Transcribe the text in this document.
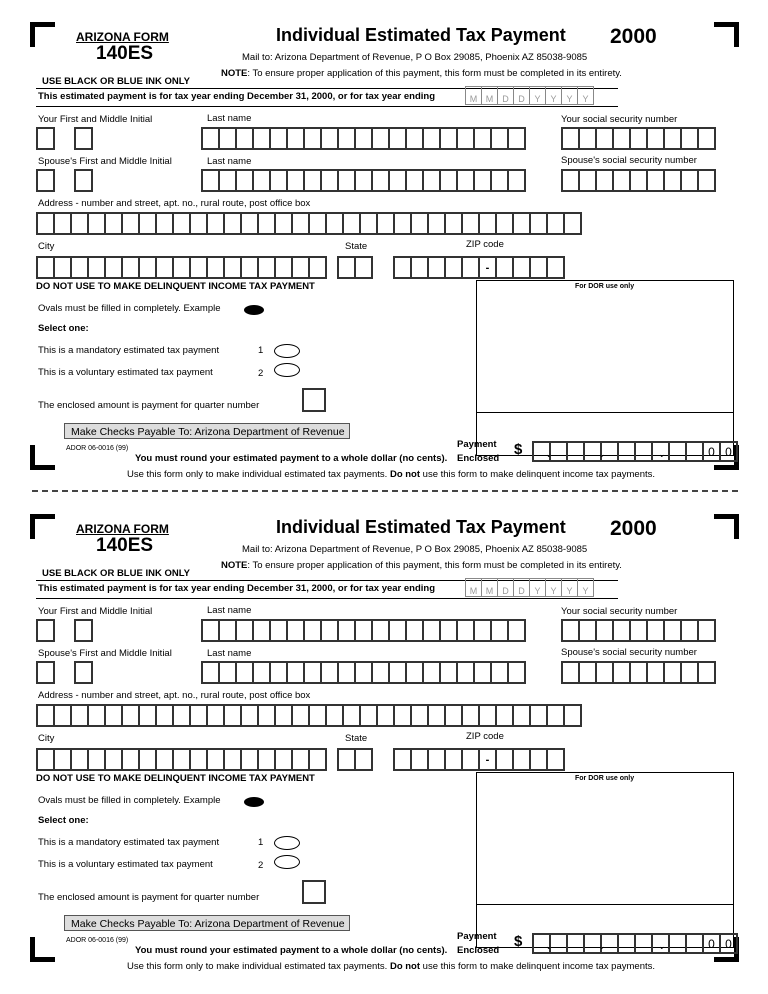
ARIZONA FORM
140ES
Individual Estimated Tax Payment 2000
Mail to: Arizona Department of Revenue, P O Box 29085, Phoenix AZ 85038-9085
NOTE: To ensure proper application of this payment, this form must be completed in its entirety.
USE BLACK OR BLUE INK ONLY
This estimated payment is for tax year ending December 31, 2000, or for tax year ending	M M	D	D	Y	Y	Y	Y
Your First and Middle Initial	Last name	Your social security number
Spouse's First and Middle Initial	Last name	Spouse's social security number
Address - number and street, apt. no., rural route, post office box
City	State	ZIP code
-
DO NOT USE TO MAKE DELINQUENT INCOME TAX PAYMENT	For DOR use only
Ovals must be filled in completely. Example
Select one:
This is a mandatory estimated tax payment	1
This is a voluntary estimated tax payment	2
The enclosed amount is payment for quarter number
Make Checks Payable To: Arizona Department of Revenue
ADOR 06-0016 (99)
You must round your estimated payment to a whole dollar (no cents).
Payment
Enclosed
$	0 0
⌄	⌄	⌄
Use this form only to make individual estimated tax payments. Do not use this form to make delinquent income tax payments.
ARIZONA FORM
140ES
Individual Estimated Tax Payment 2000
Mail to: Arizona Department of Revenue, P O Box 29085, Phoenix AZ 85038-9085
NOTE: To ensure proper application of this payment, this form must be completed in its entirety.
USE BLACK OR BLUE INK ONLY
This estimated payment is for tax year ending December 31, 2000, or for tax year ending	M M	D	D	Y	Y	Y	Y
Your First and Middle Initial	Last name	Your social security number
Spouse's First and Middle Initial	Last name	Spouse's social security number
Address - number and street, apt. no., rural route, post office box
City	State	ZIP code
-
DO NOT USE TO MAKE DELINQUENT INCOME TAX PAYMENT	For DOR use only
Ovals must be filled in completely. Example
Select one:
This is a mandatory estimated tax payment	1
This is a voluntary estimated tax payment	2
The enclosed amount is payment for quarter number
Make Checks Payable To: Arizona Department of Revenue
ADOR 06-0016 (99)
You must round your estimated payment to a whole dollar (no cents).
Payment
Enclosed
$	0 0
⌄	⌄	⌄
Use this form only to make individual estimated tax payments. Do not use this form to make delinquent income tax payments.
